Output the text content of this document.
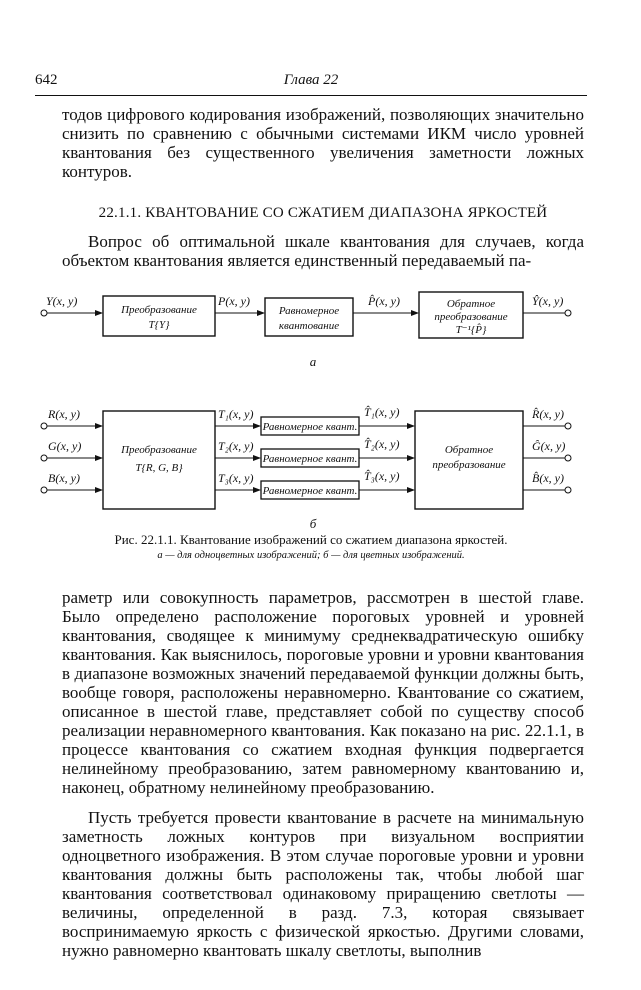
642	Глава 22

тодов цифрового кодирования изображений, позволяющих значительно снизить по сравнению с обычными системами ИКМ число уровней квантования без существенного увеличения заметности ложных контуров.

22.1.1. КВАНТОВАНИЕ СО СЖАТИЕМ ДИАПАЗОНА ЯРКОСТЕЙ

Вопрос об оптимальной шкале квантования для случаев, когда объектом квантования является единственный передаваемый па-

Y(x, y)
Преобразование
T{Y}
P(x, y)
Равномерное
квантование
P̂(x, y)	Обратное
преобразование
T⁻¹{P̂}
Ŷ(x, y)
а
Преобразование
T{R, G, B}
Обратное
преобразование
R(x, y)	T₁(x, y)
Равномерное квант.
T̂₁(x, y)	R̂(x, y)
G(x, y)	T₂(x, y)
Равномерное квант.
T̂₂(x, y)	Ĝ(x, y)
B(x, y)	T₃(x, y)
Равномерное квант.
T̂₃(x, y)	B̂(x, y)
б
Рис. 22.1.1. Квантование изображений со сжатием диапазона яркостей.
а — для одноцветных изображений; б — для цветных изображений.

раметр или совокупность параметров, рассмотрен в шестой главе. Было определено расположение пороговых уровней и уровней квантования, сводящее к минимуму среднеквадратическую ошибку квантования. Как выяснилось, пороговые уровни и уровни квантования в диапазоне возможных значений передаваемой функции должны быть, вообще говоря, расположены неравномерно. Квантование со сжатием, описанное в шестой главе, представляет собой по существу способ реализации неравномерного квантования. Как показано на рис. 22.1.1, в процессе квантования со сжатием входная функция подвергается нелинейному преобразованию, затем равномерному квантованию и, наконец, обратному нелинейному преобразованию.

Пусть требуется провести квантование в расчете на минимальную заметность ложных контуров при визуальном восприятии одноцветного изображения. В этом случае пороговые уровни и уровни квантования должны быть расположены так, чтобы любой шаг квантования соответствовал одинаковому приращению светлоты — величины, определенной в разд. 7.3, которая связывает воспринимаемую яркость с физической яркостью. Другими словами, нужно равномерно квантовать шкалу светлоты, выполнив
